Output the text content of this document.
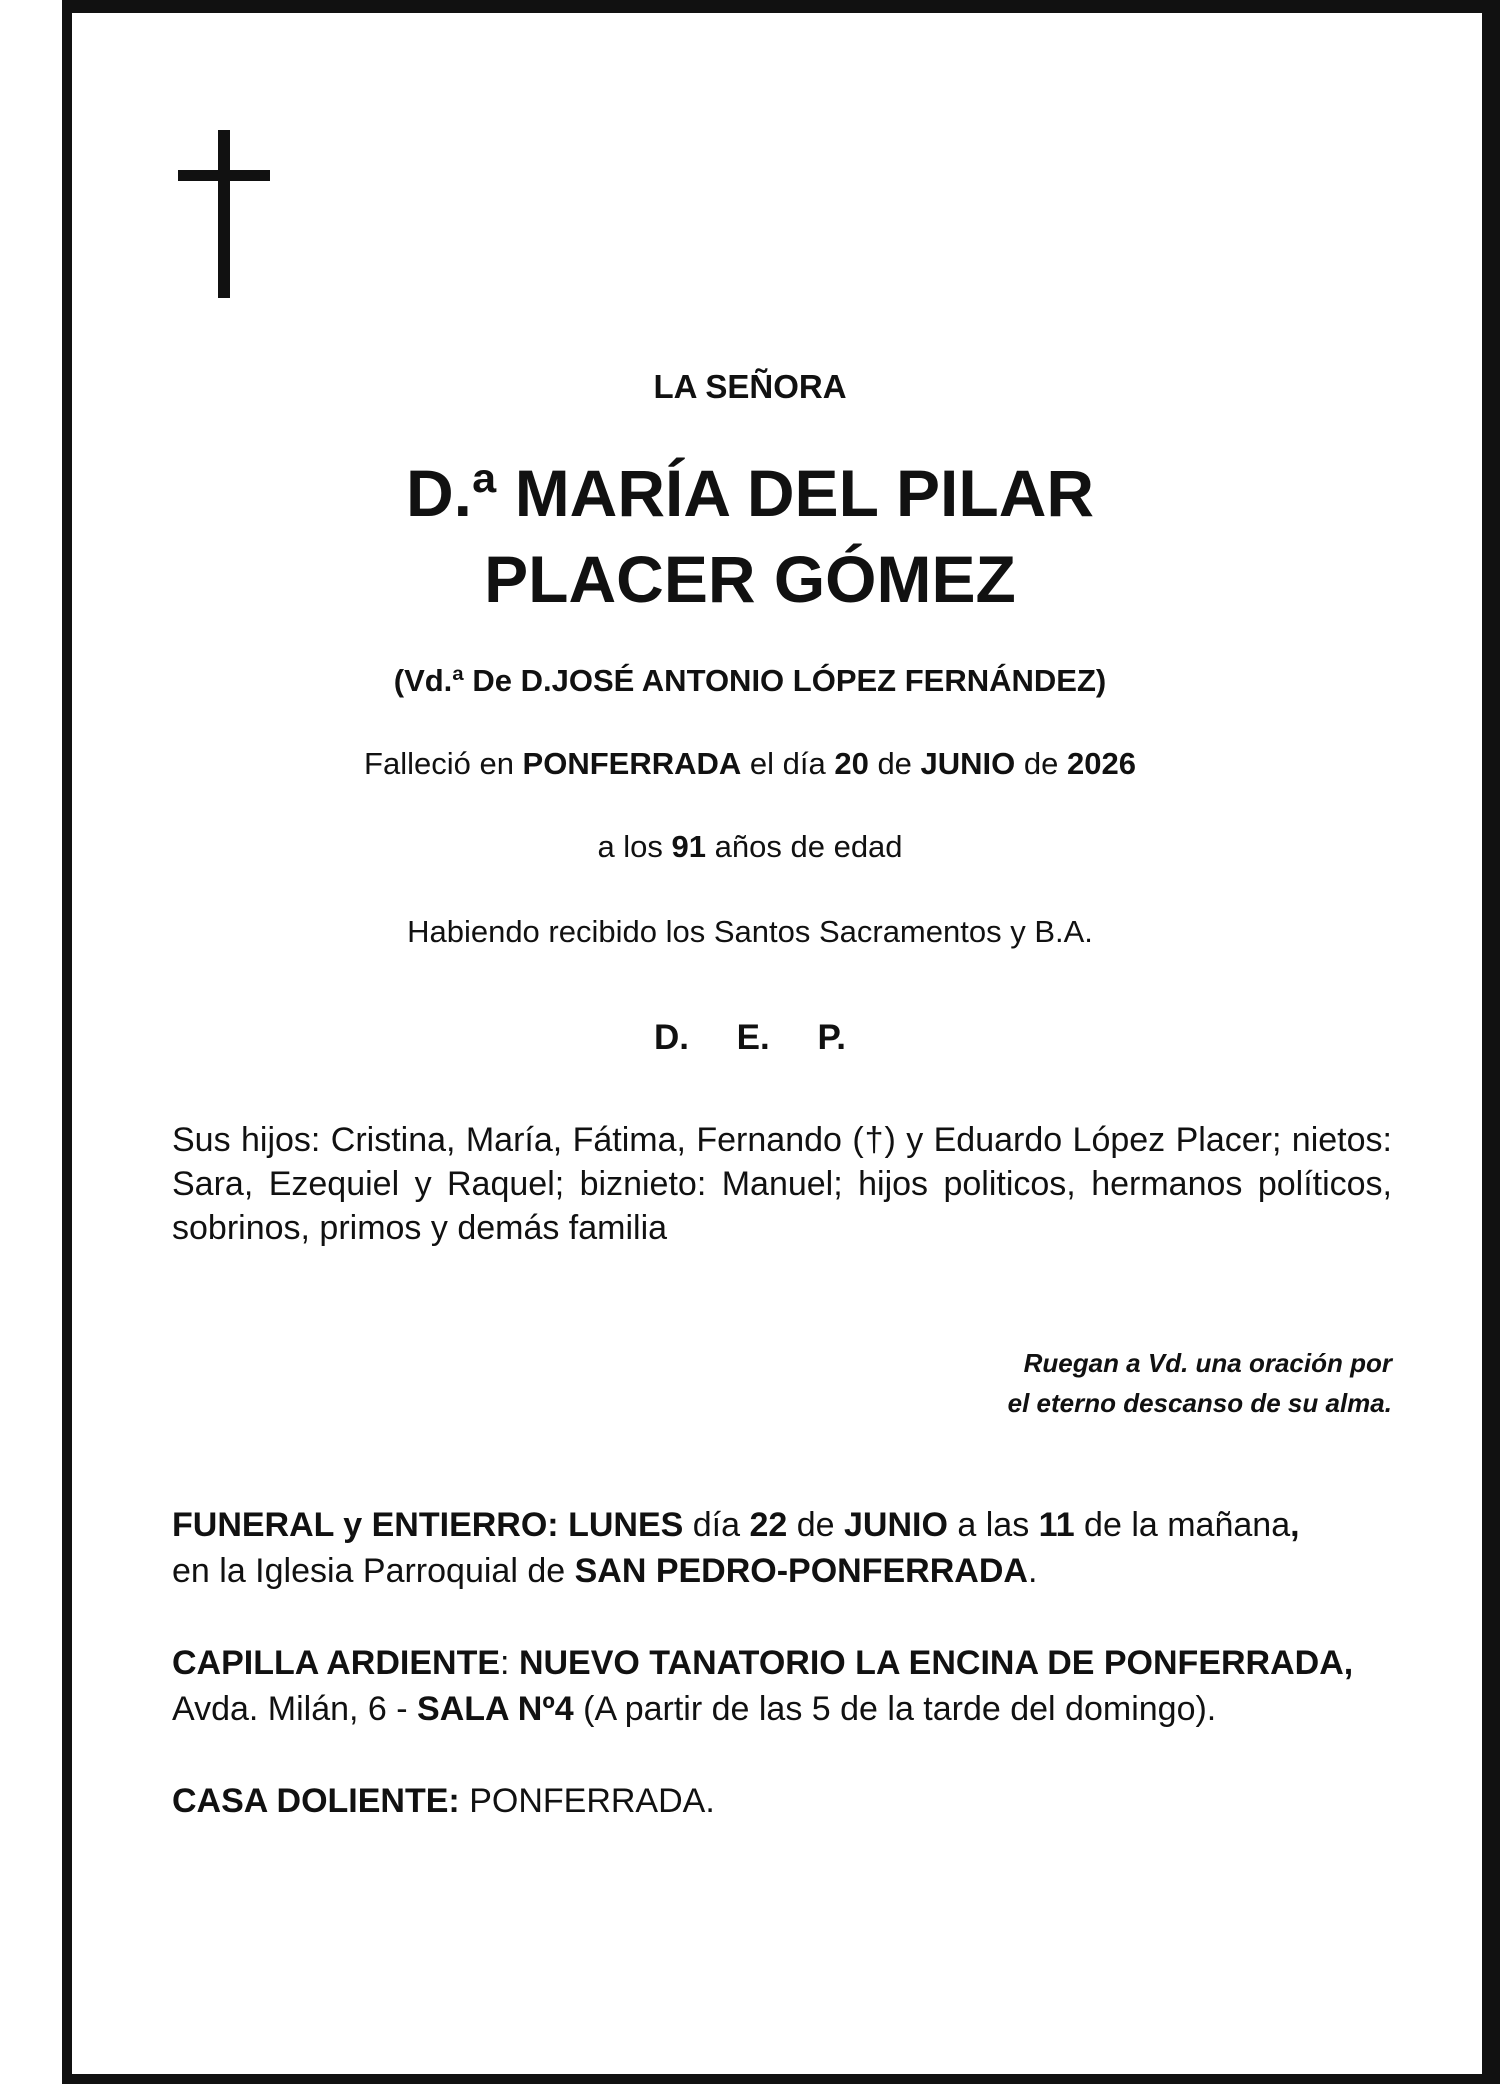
LA SEÑORA
D.ª MARÍA DEL PILAR
PLACER GÓMEZ
(Vd.ª De D.JOSÉ ANTONIO LÓPEZ FERNÁNDEZ)
Falleció en PONFERRADA el día 20 de JUNIO de 2026
a los 91 años de edad
Habiendo recibido los Santos Sacramentos y B.A.
D. E. P.
Sus hijos: Cristina, María, Fátima, Fernando (†) y Eduardo López Placer; nietos: Sara, Ezequiel y Raquel; biznieto: Manuel; hijos politicos, hermanos políticos, sobrinos, primos y demás familia
Ruegan a Vd. una oración por
el eterno descanso de su alma.
FUNERAL y ENTIERRO: LUNES día 22 de JUNIO a las 11 de la mañana,
en la Iglesia Parroquial de SAN PEDRO-PONFERRADA.
CAPILLA ARDIENTE: NUEVO TANATORIO LA ENCINA DE PONFERRADA,
Avda. Milán, 6 - SALA Nº4 (A partir de las 5 de la tarde del domingo).
CASA DOLIENTE: PONFERRADA.
